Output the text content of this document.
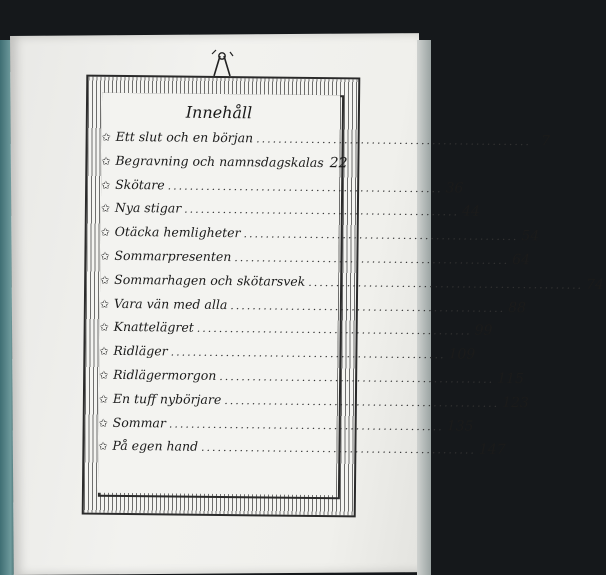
Innehåll
✩ Ett slut och en början .................................................. 7
✩ Begravning och namnsdagskalas 22
✩ Skötare .................................................. 36
✩ Nya stigar .................................................. 44
✩ Otäcka hemligheter .................................................. 54
✩ Sommarpresenten .................................................. 64
✩ Sommarhagen och skötarsvek .................................................. 74
✩ Vara vän med alla .................................................. 88
✩ Knattelägret .................................................. 99
✩ Ridläger .................................................. 109
✩ Ridlägermorgon .................................................. 115
✩ En tuff nybörjare .................................................. 123
✩ Sommar .................................................. 135
✩ På egen hand .................................................. 147
